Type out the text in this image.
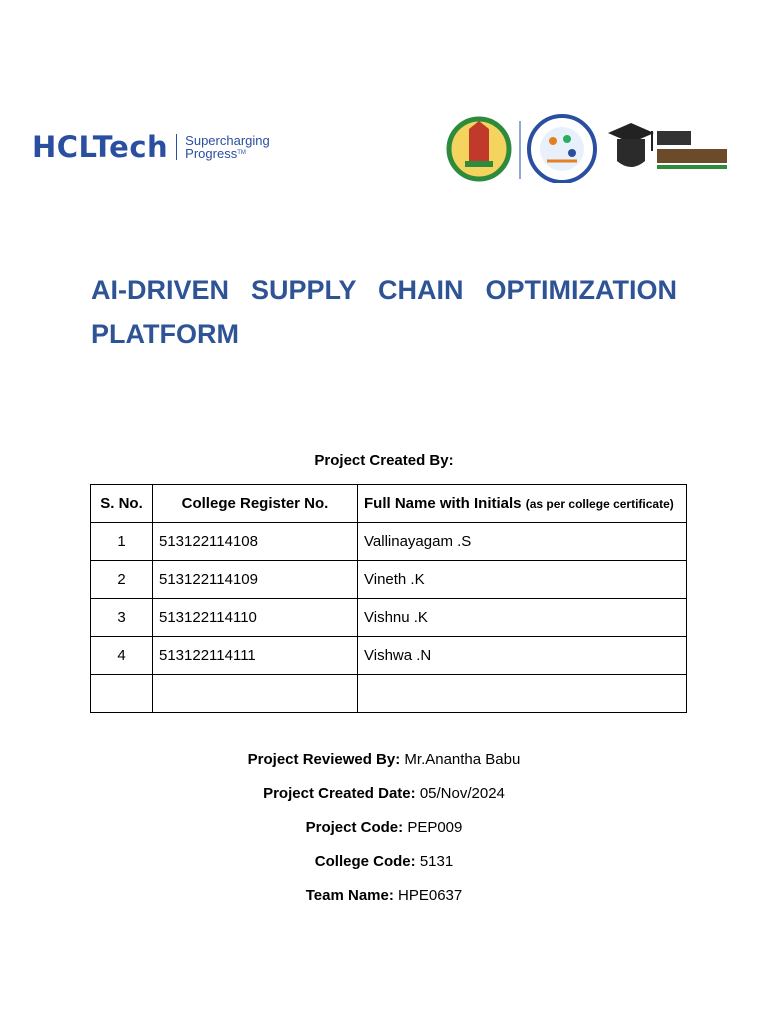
HCLTech Supercharging
Progress™
AI-DRIVEN SUPPLY CHAIN OPTIMIZATION PLATFORM
Project Created By:
S. No.	College Register No.	Full Name with Initials (as per college certificate)
1	513122114108	Vallinayagam .S
2	513122114109	Vineth .K
3	513122114110	Vishnu .K
4	513122114111	Vishwa .N

Project Reviewed By: Mr.Anantha Babu
Project Created Date: 05/Nov/2024
Project Code: PEP009
College Code: 5131
Team Name: HPE0637
